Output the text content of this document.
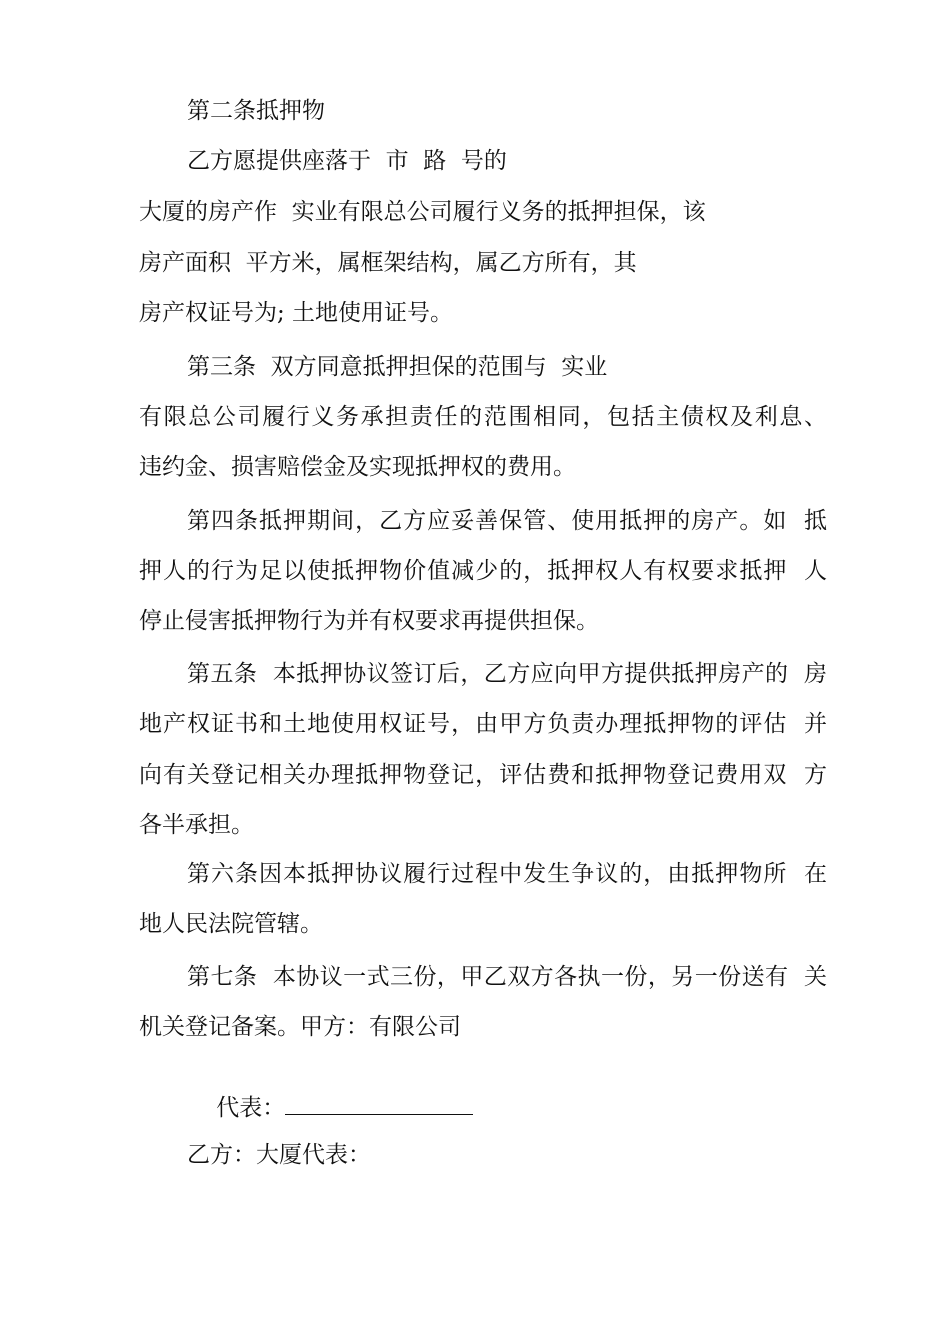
第二条抵押物
乙方愿提供座落于  市  路  号的
大厦的房产作  实业有限总公司履行义务的抵押担保，该
房产面积  平方米，属框架结构，属乙方所有，其
房产权证号为; 土地使用证号。
第三条  双方同意抵押担保的范围与  实业
有限总公司履行义务承担责任的范围相同，包括主债权及利息、
违约金、损害赔偿金及实现抵押权的费用。
第四条抵押期间，乙方应妥善保管、使用抵押的房产。如  抵
押人的行为足以使抵押物价值减少的，抵押权人有权要求抵押  人
停止侵害抵押物行为并有权要求再提供担保。
第五条  本抵押协议签订后，乙方应向甲方提供抵押房产的  房
地产权证书和土地使用权证号，由甲方负责办理抵押物的评估  并
向有关登记相关办理抵押物登记，评估费和抵押物登记费用双  方
各半承担。
第六条因本抵押协议履行过程中发生争议的，由抵押物所  在
地人民法院管辖。
第七条  本协议一式三份，甲乙双方各执一份，另一份送有  关
机关登记备案。甲方：有限公司

代表：

乙方：大厦代表：
